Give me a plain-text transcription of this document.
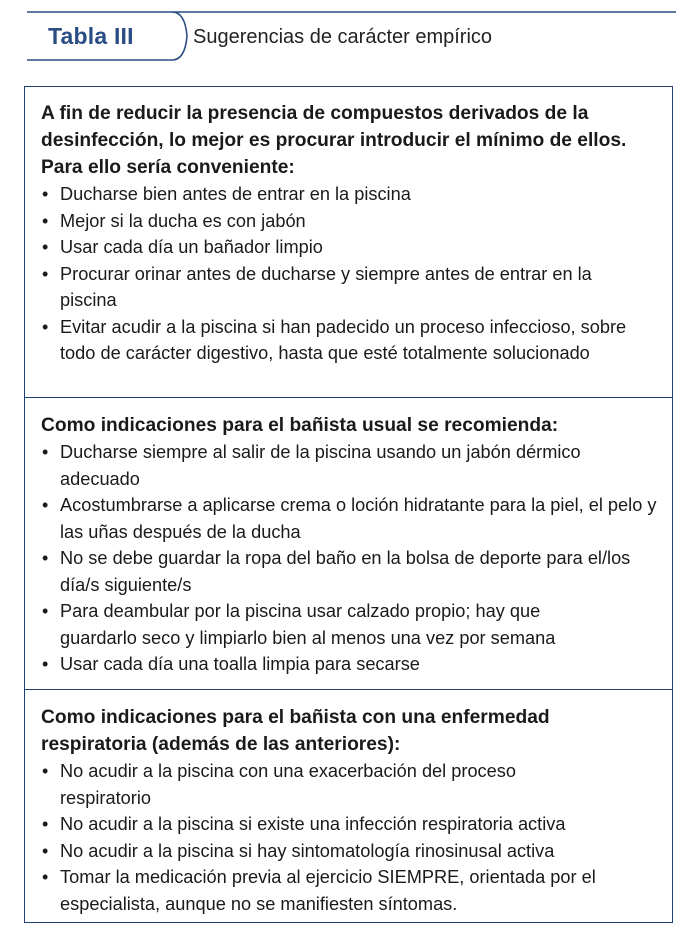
Tabla III	Sugerencias de carácter empírico

A fin de reducir la presencia de compuestos derivados de la desinfección, lo mejor es procurar introducir el mínimo de ellos. Para ello sería conveniente:

• Ducharse bien antes de entrar en la piscina
• Mejor si la ducha es con jabón
• Usar cada día un bañador limpio
• Procurar orinar antes de ducharse y siempre antes de entrar en la piscina
• Evitar acudir a la piscina si han padecido un proceso infeccioso, sobre todo de carácter digestivo, hasta que esté totalmente solucionado

Como indicaciones para el bañista usual se recomienda:

• Ducharse siempre al salir de la piscina usando un jabón dérmico adecuado
• Acostumbrarse a aplicarse crema o loción hidratante para la piel, el pelo y las uñas después de la ducha
• No se debe guardar la ropa del baño en la bolsa de deporte para el/los día/s siguiente/s
• Para deambular por la piscina usar calzado propio; hay que guardarlo seco y limpiarlo bien al menos una vez por semana
• Usar cada día una toalla limpia para secarse

Como indicaciones para el bañista con una enfermedad respiratoria (además de las anteriores):

• No acudir a la piscina con una exacerbación del proceso respiratorio
• No acudir a la piscina si existe una infección respiratoria activa
• No acudir a la piscina si hay sintomatología rinosinusal activa
• Tomar la medicación previa al ejercicio SIEMPRE, orientada por el especialista, aunque no se manifiesten síntomas.
